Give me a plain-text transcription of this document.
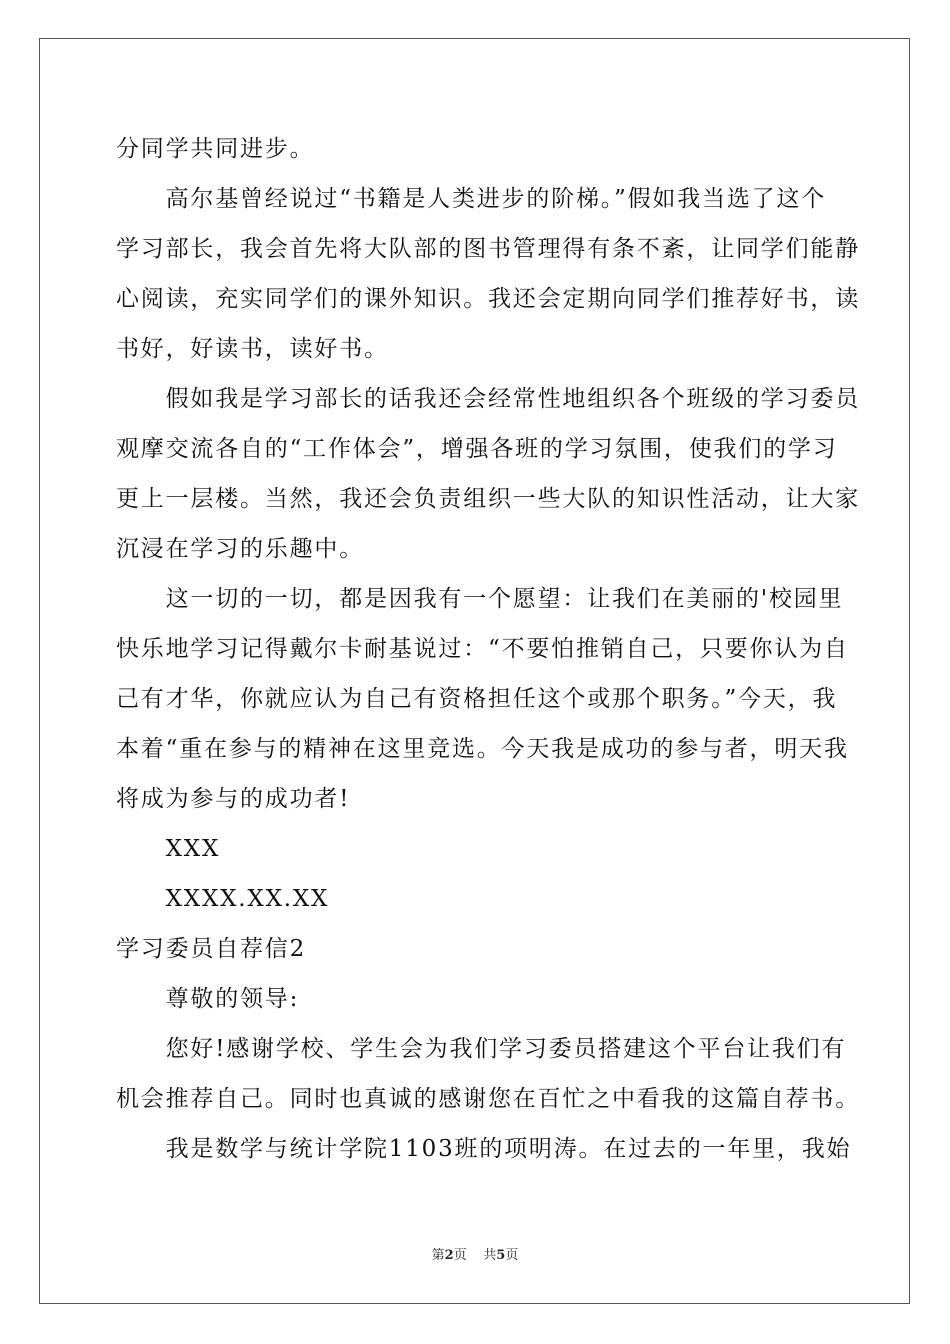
分同学共同进步。
　　高尔基曾经说过“书籍是人类进步的阶梯。”假如我当选了这个
学习部长，我会首先将大队部的图书管理得有条不紊，让同学们能静
心阅读，充实同学们的课外知识。我还会定期向同学们推荐好书，读
书好，好读书，读好书。
　　假如我是学习部长的话我还会经常性地组织各个班级的学习委员
观摩交流各自的“工作体会”，增强各班的学习氛围，使我们的学习
更上一层楼。当然，我还会负责组织一些大队的知识性活动，让大家
沉浸在学习的乐趣中。
　　这一切的一切，都是因我有一个愿望：让我们在美丽的'校园里
快乐地学习记得戴尔卡耐基说过：“不要怕推销自己，只要你认为自
己有才华，你就应认为自己有资格担任这个或那个职务。”今天，我
本着“重在参与的精神在这里竞选。今天我是成功的参与者，明天我
将成为参与的成功者!
　　XXX
　　XXXX.XX.XX
学习委员自荐信2
　　尊敬的领导:
　　您好!感谢学校、学生会为我们学习委员搭建这个平台让我们有
机会推荐自己。同时也真诚的感谢您在百忙之中看我的这篇自荐书。
　　我是数学与统计学院1103班的项明涛。在过去的一年里，我始
第2页 共5页
